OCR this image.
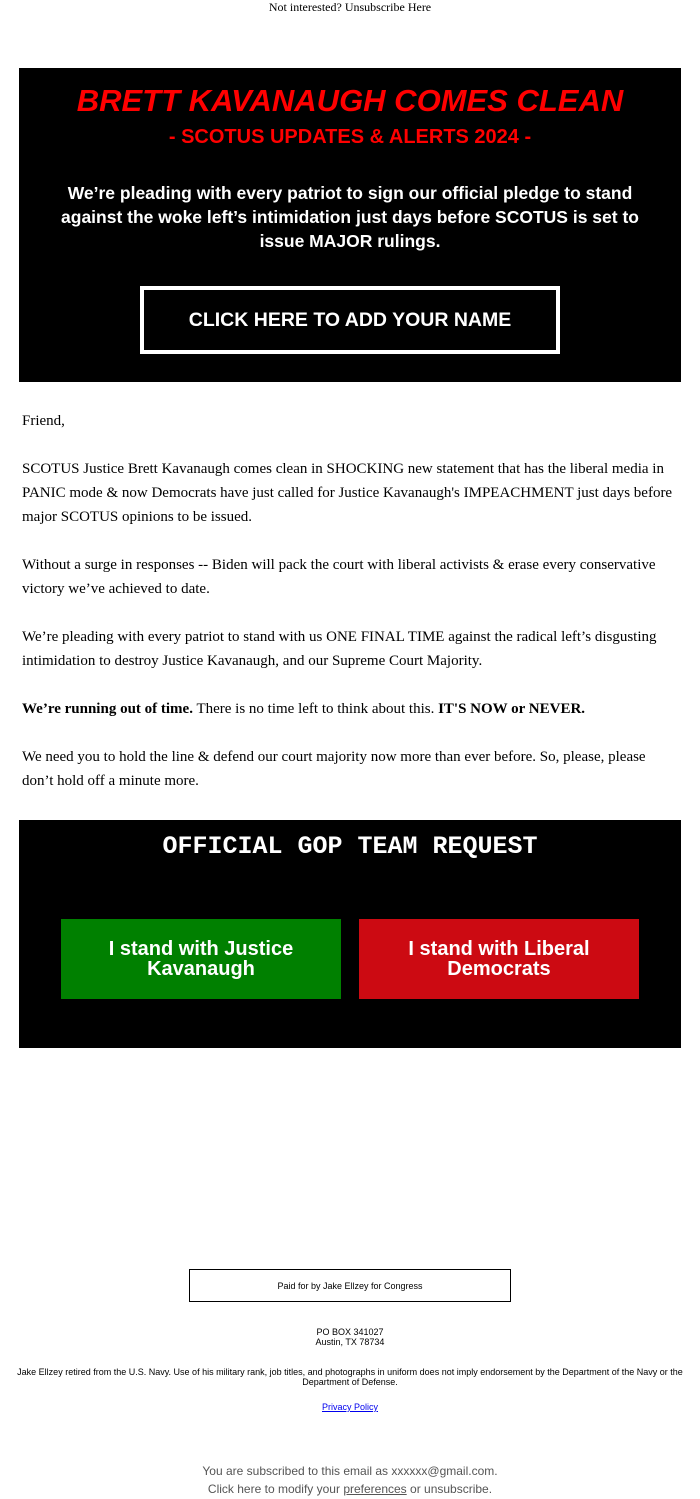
Not interested? Unsubscribe Here
BRETT KAVANAUGH COMES CLEAN
- SCOTUS UPDATES & ALERTS 2024 -
We’re pleading with every patriot to sign our official pledge to stand against the woke left’s intimidation just days before SCOTUS is set to issue MAJOR rulings.
CLICK HERE TO ADD YOUR NAME
Friend,
SCOTUS Justice Brett Kavanaugh comes clean in SHOCKING new statement that has the liberal media in PANIC mode & now Democrats have just called for Justice Kavanaugh's IMPEACHMENT just days before major SCOTUS opinions to be issued.
Without a surge in responses -- Biden will pack the court with liberal activists & erase every conservative victory we’ve achieved to date.
We’re pleading with every patriot to stand with us ONE FINAL TIME against the radical left’s disgusting intimidation to destroy Justice Kavanaugh, and our Supreme Court Majority.
We’re running out of time. There is no time left to think about this. IT'S NOW or NEVER.
We need you to hold the line & defend our court majority now more than ever before. So, please, please don’t hold off a minute more.
OFFICIAL GOP TEAM REQUEST
I stand with Justice Kavanaugh
I stand with Liberal Democrats
Paid for by Jake Ellzey for Congress
PO BOX 341027
Austin, TX 78734
Jake Ellzey retired from the U.S. Navy. Use of his military rank, job titles, and photographs in uniform does not imply endorsement by the Department of the Navy or the Department of Defense.
Privacy Policy
You are subscribed to this email as xxxxxx@gmail.com.
Click here to modify your preferences or unsubscribe.
